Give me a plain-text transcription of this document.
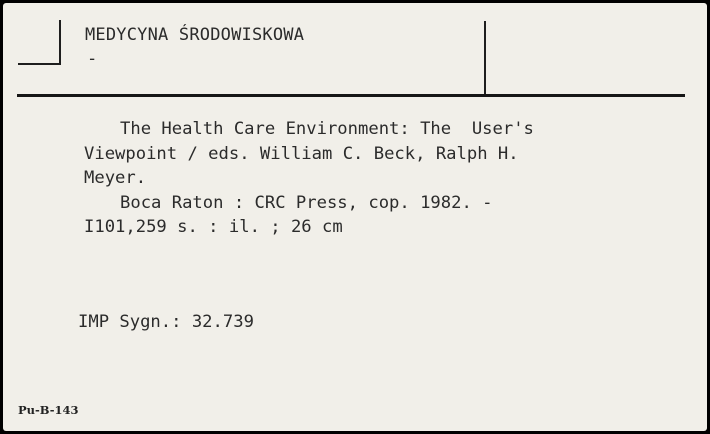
MEDYCYNA ŚRODOWISKOWA
-
The Health Care Environment: The  User's
Viewpoint / eds. William C. Beck, Ralph H.
Meyer.
Boca Raton : CRC Press, cop. 1982. -
I101,259 s. : il. ; 26 cm
IMP Sygn.: 32.739
Pu-B-143
